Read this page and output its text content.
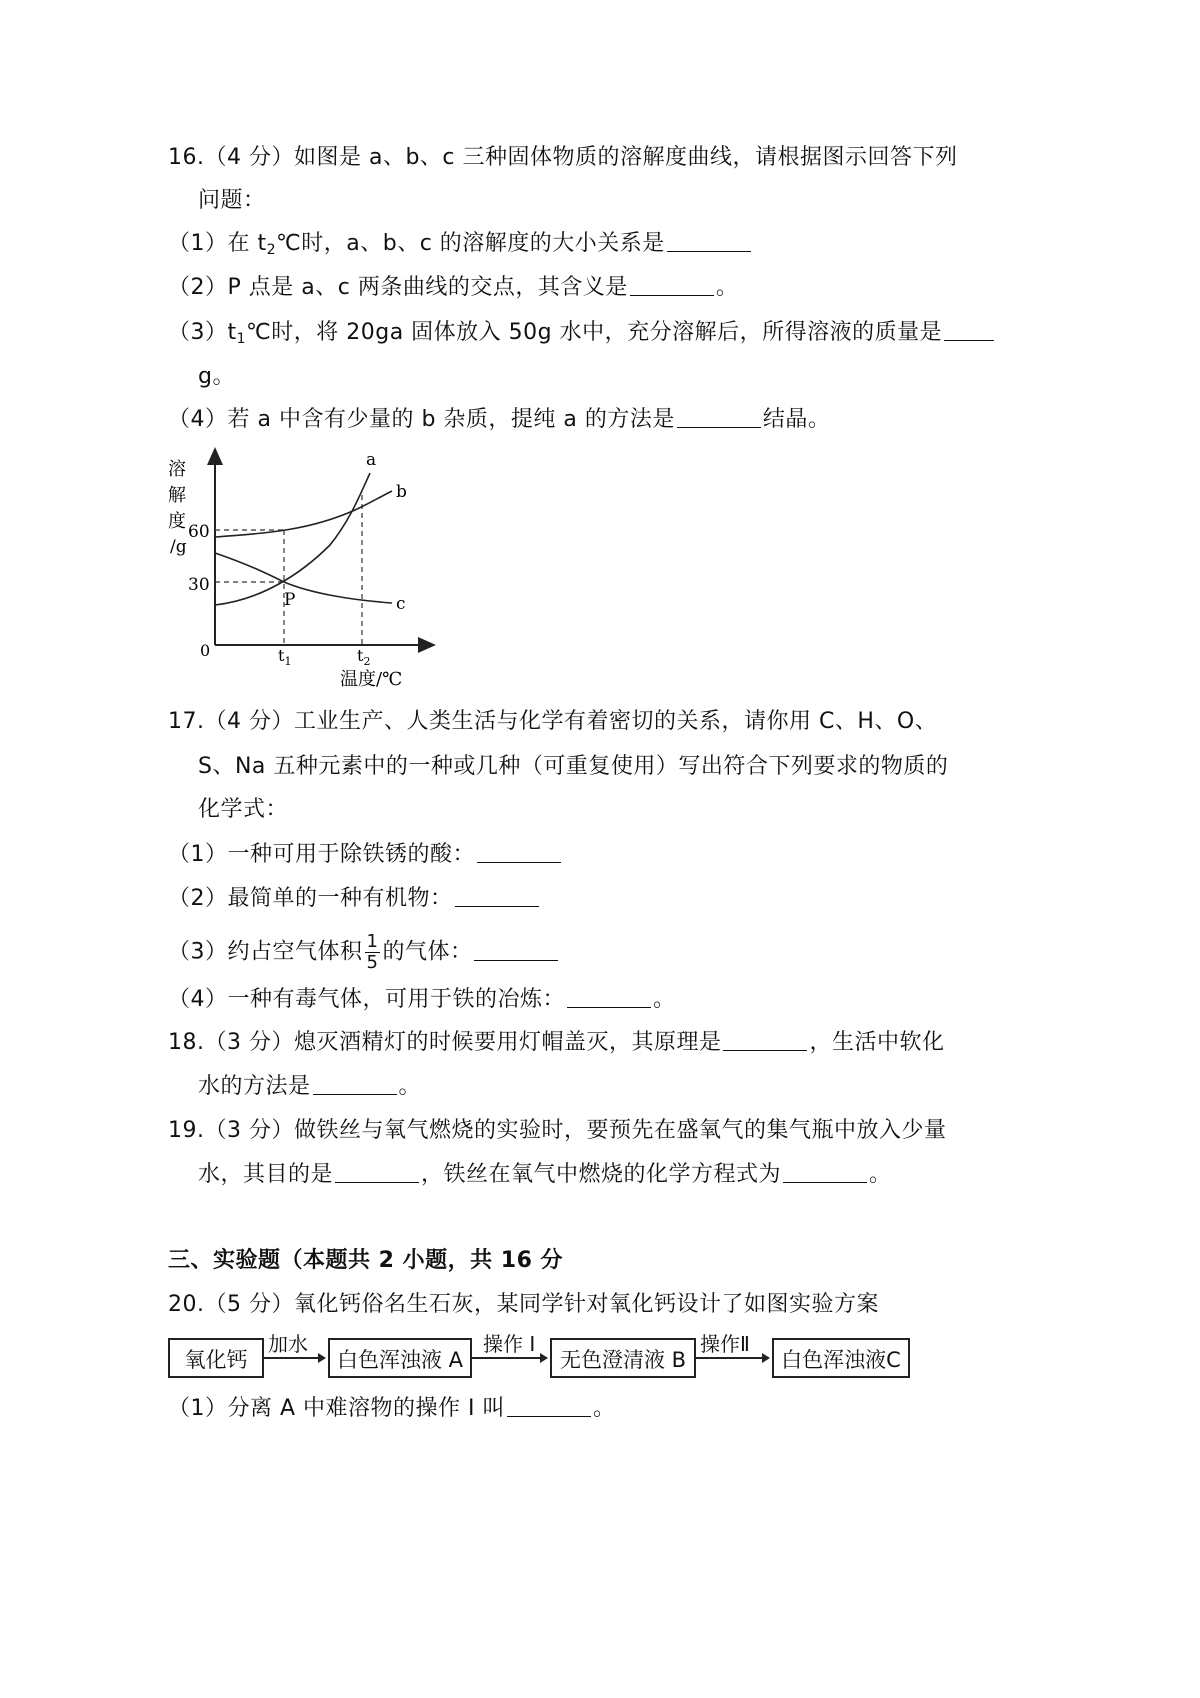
16.（4 分）如图是 a、b、c 三种固体物质的溶解度曲线，请根据图示回答下列
问题：
（1）在 $t_2℃$时，a、b、c 的溶解度的大小关系是
（2）P 点是 a、c 两条曲线的交点，其含义是	。
$(3)t_1℃$时，将 20ga 固体放入 50g 水中，充分溶解后，所得溶液的质量是
g。
（4）若 a 中含有少量的 b 杂质，提纯 a 的方法是	结晶。
溶
解
度
/g
60
30
0	$t_1$	$t_2$
温度/℃
a
b
c
P
17.（4 分）工业生产、人类生活与化学有着密切的关系，请你用 C、H、O、
S、Na 五种元素中的一种或几种（可重复使用）写出符合下列要求的物质的
化学式：
（1）一种可用于除铁锈的酸：
（2）最简单的一种有机物：
（3）约占空气体积 $\frac{1}{5}$ 的气体：
（4）一种有毒气体，可用于铁的冶炼：	。
18.（3 分）熄灭酒精灯的时候要用灯帽盖灭，其原理是	，生活中软化
水的方法是	。
19.（3 分）做铁丝与氧气燃烧的实验时，要预先在盛氧气的集气瓶中放入少量
水，其目的是	，铁丝在氧气中燃烧的化学方程式为	。
三、实验题（本题共 2 小题，共 16 分
20.（5 分）氧化钙俗名生石灰，某同学针对氧化钙设计了如图实验方案
氧化钙
加水
白色浑浊液 A
操作 I
无色澄清液 B
操作Ⅱ
白色浑浊液C
（1）分离 A 中难溶物的操作 I 叫	。
